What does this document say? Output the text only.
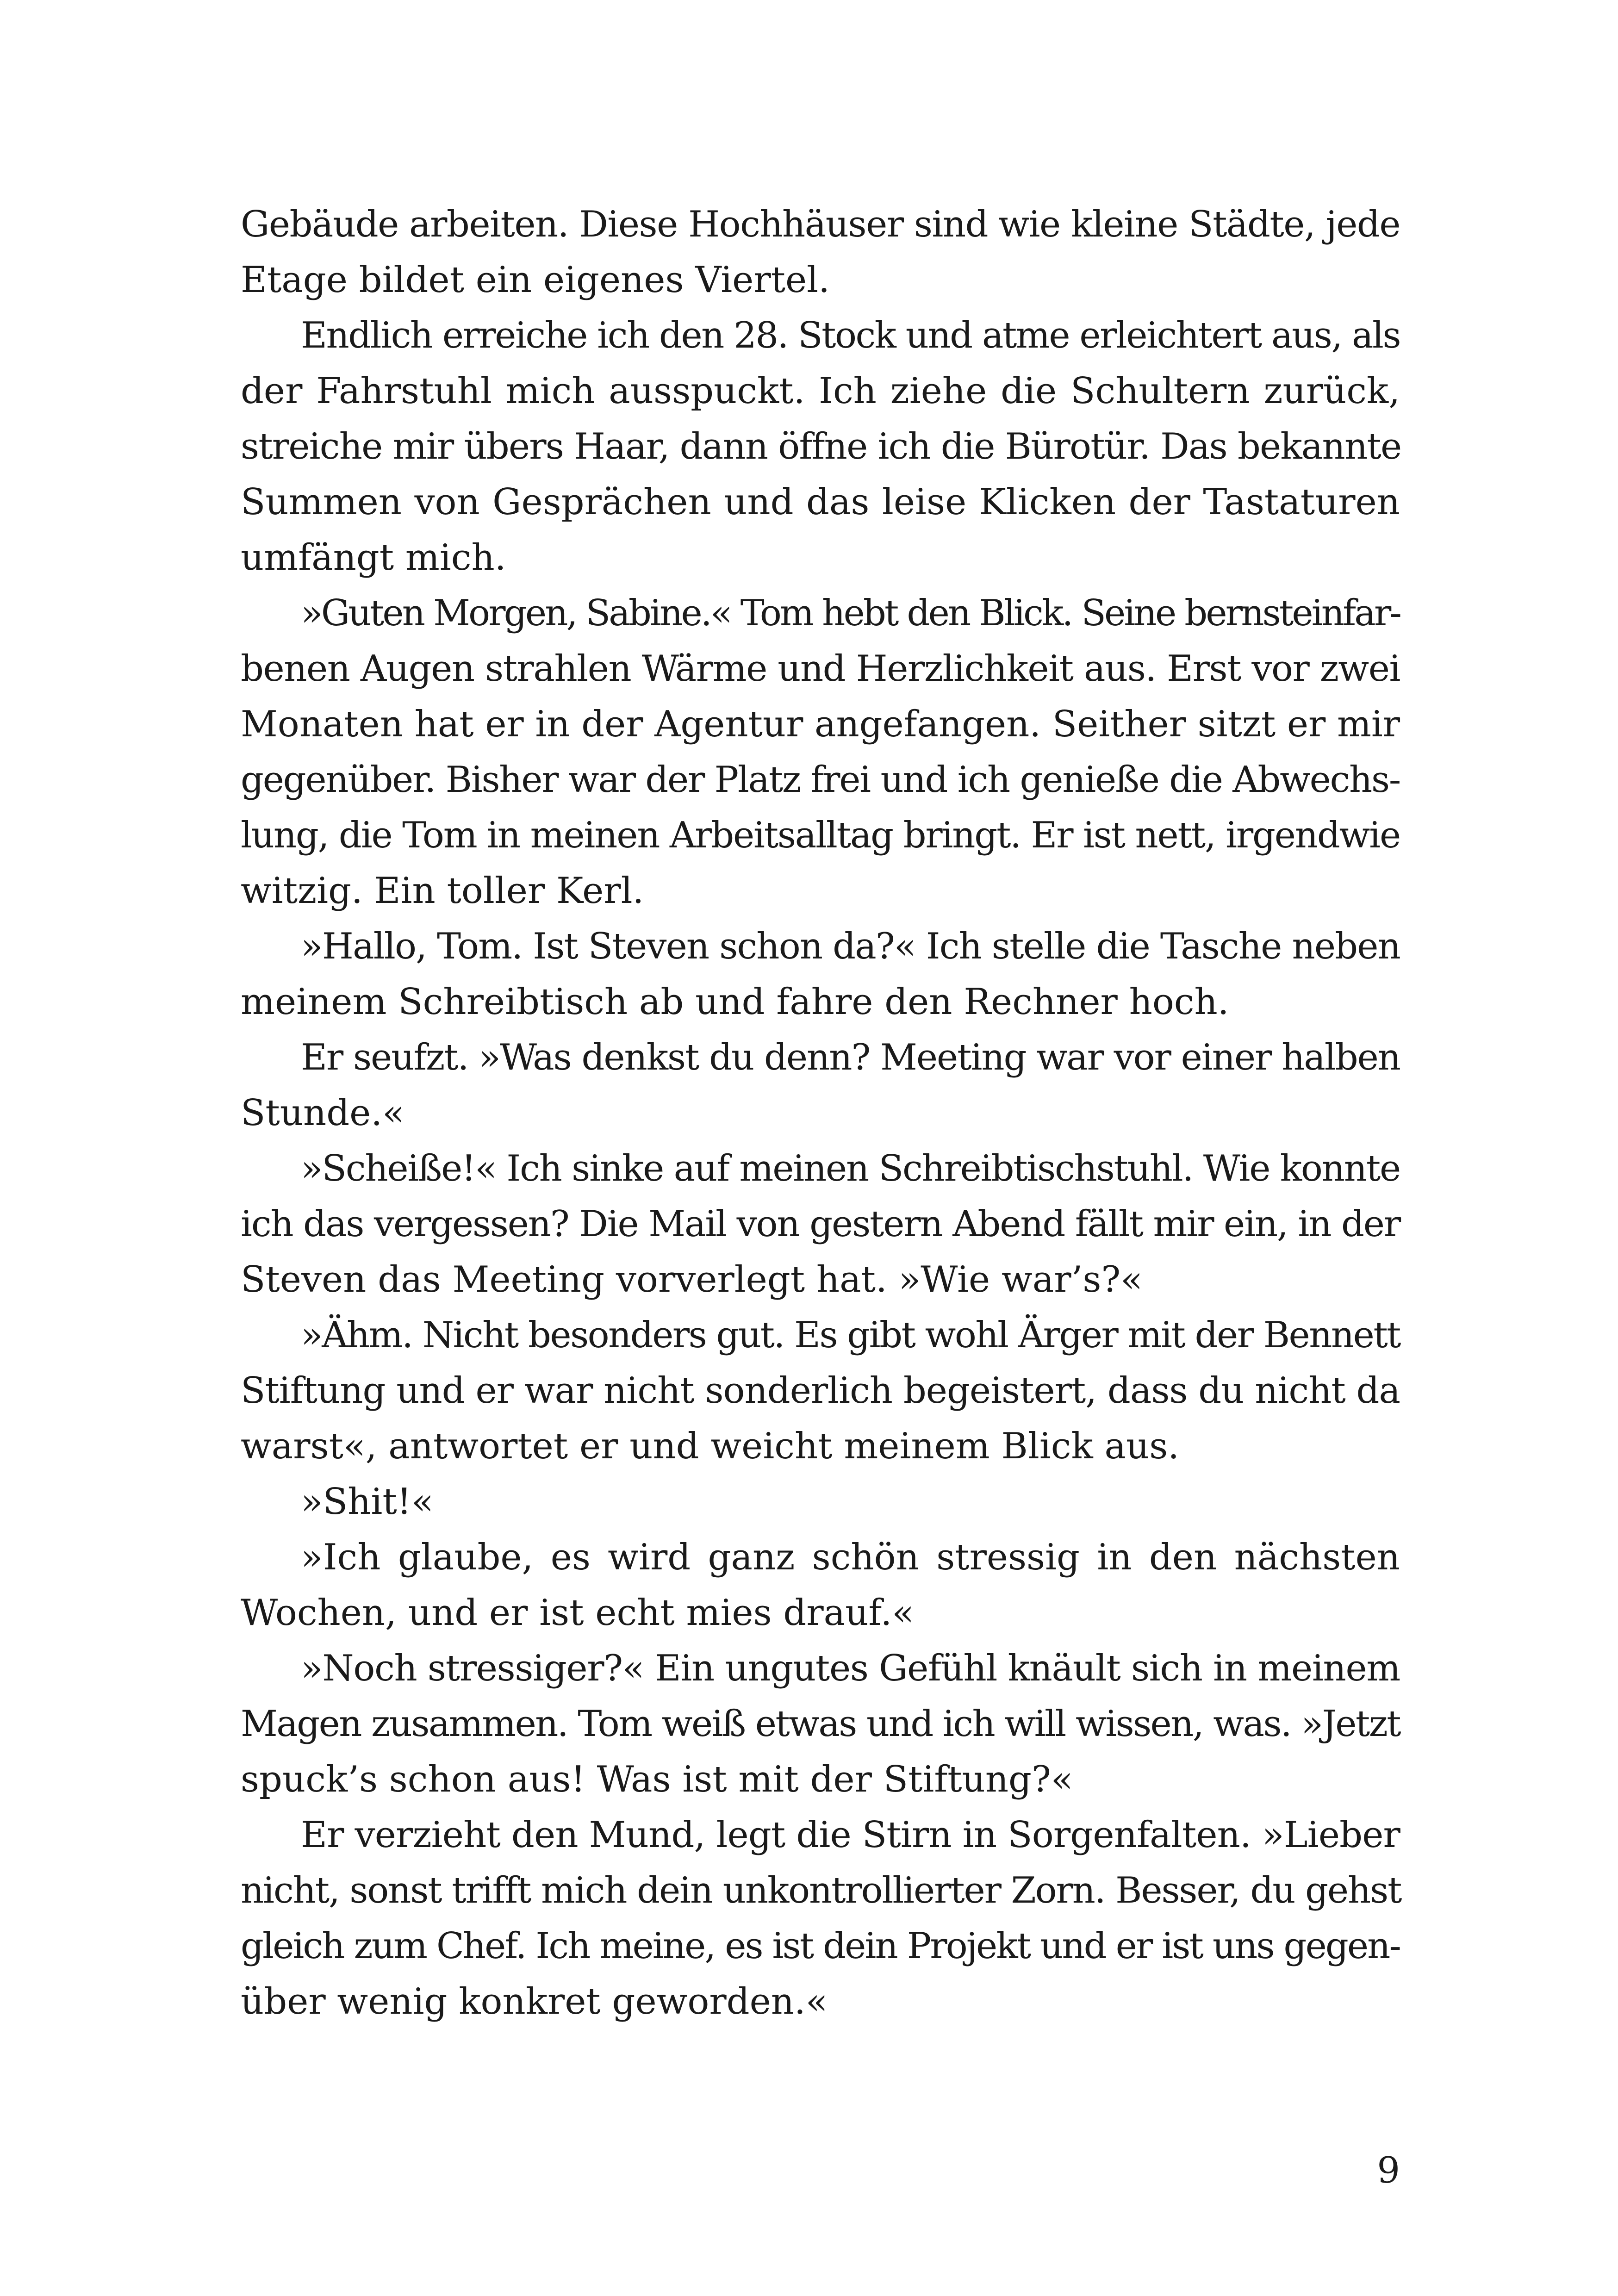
Gebäude arbeiten. Diese Hochhäuser sind wie kleine Städte, jede
Etage bildet ein eigenes Viertel.
Endlich erreiche ich den 28. Stock und atme erleichtert aus, als
der Fahrstuhl mich ausspuckt. Ich ziehe die Schultern zurück,
streiche mir übers Haar, dann öffne ich die Bürotür. Das bekannte
Summen von Gesprächen und das leise Klicken der Tastaturen
umfängt mich.
»Guten Morgen, Sabine.« Tom hebt den Blick. Seine bernsteinfar-
benen Augen strahlen Wärme und Herzlichkeit aus. Erst vor zwei
Monaten hat er in der Agentur angefangen. Seither sitzt er mir
gegenüber. Bisher war der Platz frei und ich genieße die Abwechs-
lung, die Tom in meinen Arbeitsalltag bringt. Er ist nett, irgendwie
witzig. Ein toller Kerl.
»Hallo, Tom. Ist Steven schon da?« Ich stelle die Tasche neben
meinem Schreibtisch ab und fahre den Rechner hoch.
Er seufzt. »Was denkst du denn? Meeting war vor einer halben
Stunde.«
»Scheiße!« Ich sinke auf meinen Schreibtischstuhl. Wie konnte
ich das vergessen? Die Mail von gestern Abend fällt mir ein, in der
Steven das Meeting vorverlegt hat. »Wie war’s?«
»Ähm. Nicht besonders gut. Es gibt wohl Ärger mit der Bennett
Stiftung und er war nicht sonderlich begeistert, dass du nicht da
warst«, antwortet er und weicht meinem Blick aus.
»Shit!«
»Ich glaube, es wird ganz schön stressig in den nächsten
Wochen, und er ist echt mies drauf.«
»Noch stressiger?« Ein ungutes Gefühl knäult sich in meinem
Magen zusammen. Tom weiß etwas und ich will wissen, was. »Jetzt
spuck’s schon aus! Was ist mit der Stiftung?«
Er verzieht den Mund, legt die Stirn in Sorgenfalten. »Lieber
nicht, sonst trifft mich dein unkontrollierter Zorn. Besser, du gehst
gleich zum Chef. Ich meine, es ist dein Projekt und er ist uns gegen-
über wenig konkret geworden.«
9
